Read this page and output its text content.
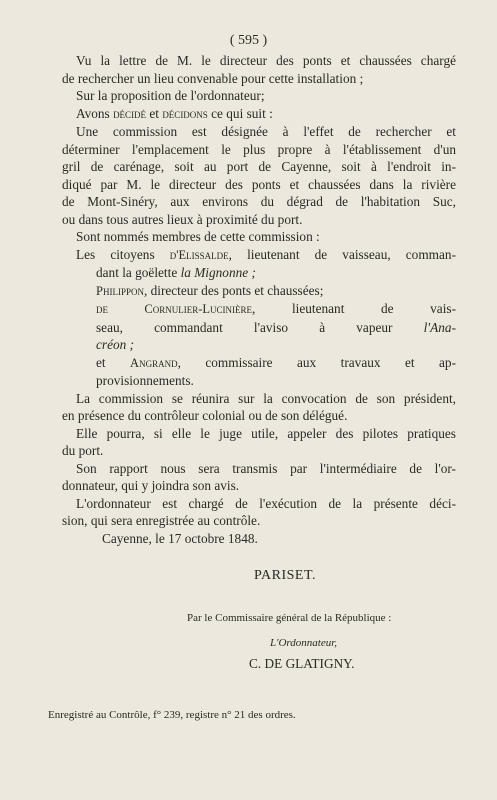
( 595 )
Vu la lettre de M. le directeur des ponts et chaussées chargé
de rechercher un lieu convenable pour cette installation ;
Sur la proposition de l'ordonnateur;
Avons décidé et décidons ce qui suit :
Une commission est désignée à l'effet de rechercher et
déterminer l'emplacement le plus propre à l'établissement d'un
gril de carénage, soit au port de Cayenne, soit à l'endroit in-
diqué par M. le directeur des ponts et chaussées dans la rivière
de Mont-Sinéry, aux environs du dégrad de l'habitation Suc,
ou dans tous autres lieux à proximité du port.
Sont nommés membres de cette commission :
Les citoyens d'Elissalde, lieutenant de vaisseau, comman-
dant la goëlette la Mignonne ;
Philippon, directeur des ponts et chaussées;
de Cornulier-Lucinière, lieutenant de vais-
seau, commandant l'aviso à vapeur l'Ana-
créon ;
et Angrand, commissaire aux travaux et ap-
provisionnements.
La commission se réunira sur la convocation de son président,
en présence du contrôleur colonial ou de son délégué.
Elle pourra, si elle le juge utile, appeler des pilotes pratiques
du port.
Son rapport nous sera transmis par l'intermédiaire de l'or-
donnateur, qui y joindra son avis.
L'ordonnateur est chargé de l'exécution de la présente déci-
sion, qui sera enregistrée au contrôle.
Cayenne, le 17 octobre 1848.
PARISET.
Par le Commissaire général de la République :
L'Ordonnateur,
C. DE GLATIGNY.
Enregistré au Contrôle, f° 239, registre n° 21 des ordres.
